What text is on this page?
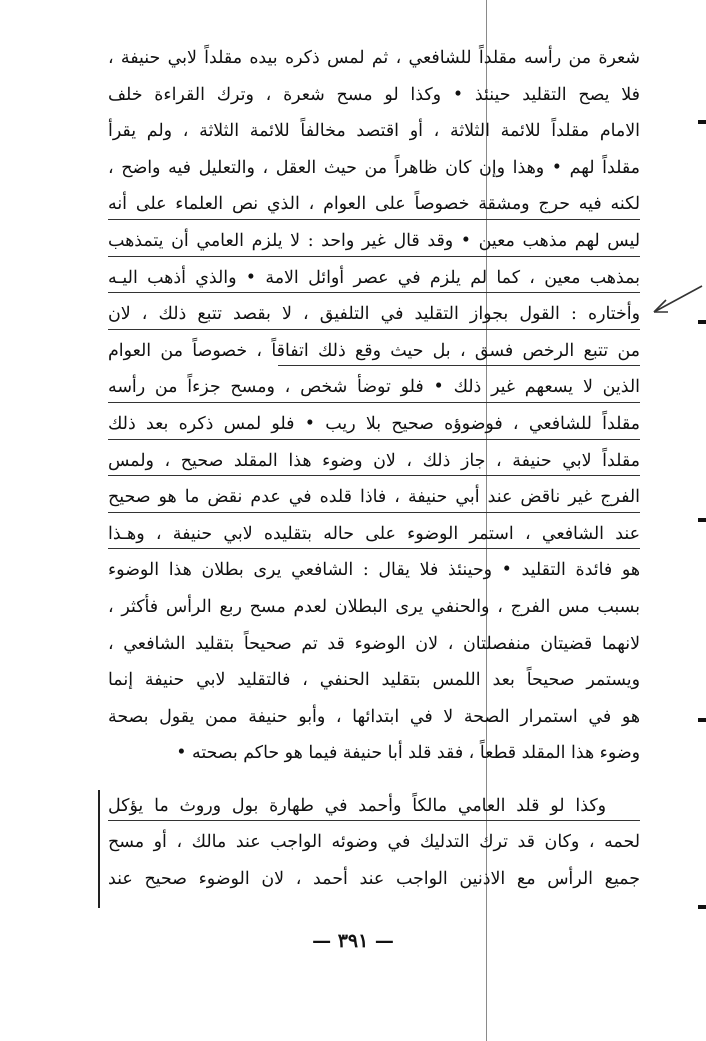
شعرة من رأسه مقلداً للشافعي ، ثم لمس ذكره بيده مقلداً لابي حنيفة ،
فلا يصح التقليد حينئذ • وكذا لو مسح شعرة ، وترك القراءة خلف
الامام مقلداً للائمة الثلاثة ، أو اقتصد مخالفاً للائمة الثلاثة ، ولم يقرأ
مقلداً لهم • وهذا وإن كان ظاهراً من حيث العقل ، والتعليل فيه واضح ،
لكنه فيه حرج ومشقة خصوصاً على العوام ، الذي نص العلماء على أنه
ليس لهم مذهب معين • وقد قال غير واحد : لا يلزم العامي أن يتمذهب
بمذهب معين ، كما لم يلزم في عصر أوائل الامة • والذي أذهب اليـه
وأختاره : القول بجواز التقليد في التلفيق ، لا بقصد تتبع ذلك ، لان
من تتبع الرخص فسق ، بل حيث وقع ذلك اتفاقاً ، خصوصاً من العوام
الذين لا يسعهم غير ذلك • فلو توضأ شخص ، ومسح جزءاً من رأسه
مقلداً للشافعي ، فوضوؤه صحيح بلا ريب • فلو لمس ذكره بعد ذلك
مقلداً لابي حنيفة ، جاز ذلك ، لان وضوء هذا المقلد صحيح ، ولمس
الفرج غير ناقض عند أبي حنيفة ، فاذا قلده في عدم نقض ما هو صحيح
عند الشافعي ، استمر الوضوء على حاله بتقليده لابي حنيفة ، وهـذا
هو فائدة التقليد • وحينئذ فلا يقال : الشافعي يرى بطلان هذا الوضوء
بسبب مس الفرج ، والحنفي يرى البطلان لعدم مسح ربع الرأس فأكثر ،
لانهما قضيتان منفصلتان ، لان الوضوء قد تم صحيحاً بتقليد الشافعي ،
ويستمر صحيحاً بعد اللمس بتقليد الحنفي ، فالتقليد لابي حنيفة إنما
هو في استمرار الصحة لا في ابتدائها ، وأبو حنيفة ممن يقول بصحة
وضوء هذا المقلد قطعاً ، فقد قلد أبا حنيفة فيما هو حاكم بصحته •
وكذا لو قلد العامي مالكاً وأحمد في طهارة بول وروث ما يؤكل
لحمه ، وكان قد ترك التدليك في وضوئه الواجب عند مالك ، أو مسح
جميع الرأس مع الاذنين الواجب عند أحمد ، لان الوضوء صحيح عند
— ٣٩١ —
